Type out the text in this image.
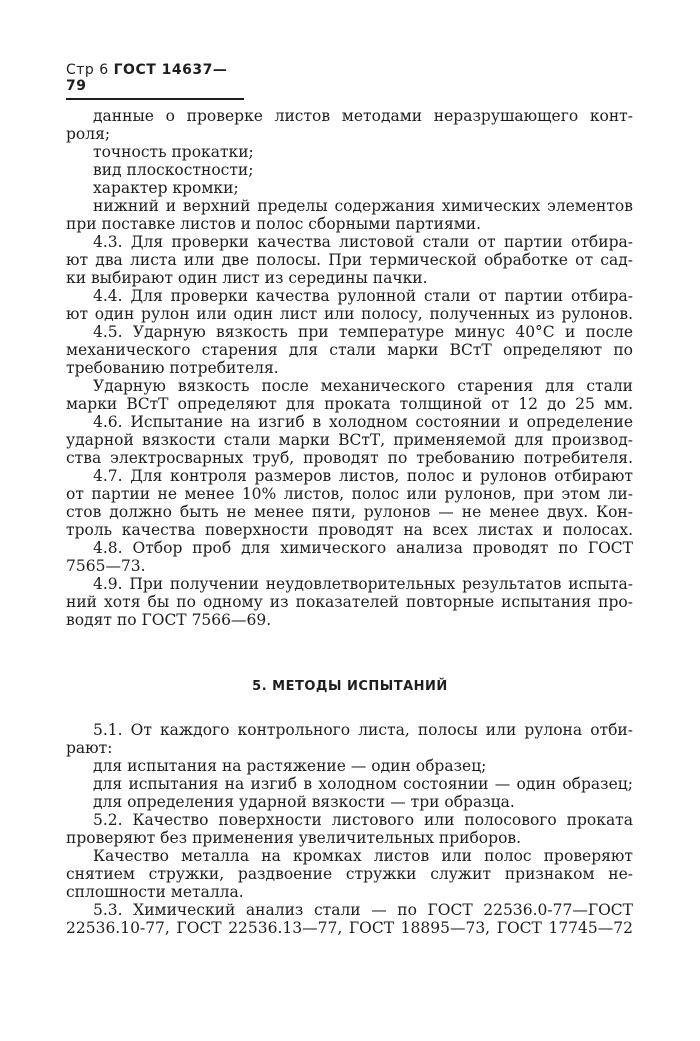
Стр 6 ГОСТ 14637—79
данные о проверке листов методами неразрушающего конт-
роля;
точность прокатки;
вид плоскостности;
характер кромки;
нижний и верхний пределы содержания химических элементов
при поставке листов и полос сборными партиями.
4.3. Для проверки качества листовой стали от партии отбира-
ют два листа или две полосы. При термической обработке от сад-
ки выбирают один лист из середины пачки.
4.4. Для проверки качества рулонной стали от партии отбира-
ют один рулон или один лист или полосу, полученных из рулонов.
4.5. Ударную вязкость при температуре минус 40°С и после
механического старения для стали марки ВСтТ определяют по
требованию потребителя.
Ударную вязкость после механического старения для стали
марки ВСтТ определяют для проката толщиной от 12 до 25 мм.
4.6. Испытание на изгиб в холодном состоянии и определение
ударной вязкости стали марки ВСтТ, применяемой для производ-
ства электросварных труб, проводят по требованию потребителя.
4.7. Для контроля размеров листов, полос и рулонов отбирают
от партии не менее 10% листов, полос или рулонов, при этом ли-
стов должно быть не менее пяти, рулонов — не менее двух. Кон-
троль качества поверхности проводят на всех листах и полосах.
4.8. Отбор проб для химического анализа проводят по ГОСТ
7565—73.
4.9. При получении неудовлетворительных результатов испыта-
ний хотя бы по одному из показателей повторные испытания про-
водят по ГОСТ 7566—69.
5. МЕТОДЫ ИСПЫТАНИЙ
5.1. От каждого контрольного листа, полосы или рулона отби-
рают:
для испытания на растяжение — один образец;
для испытания на изгиб в холодном состоянии — один образец;
для определения ударной вязкости — три образца.
5.2. Качество поверхности листового или полосового проката
проверяют без применения увеличительных приборов.
Качество металла на кромках листов или полос проверяют
снятием стружки, раздвоение стружки служит признаком не-
сплошности металла.
5.3. Химический анализ стали — по ГОСТ 22536.0-77—ГОСТ
22536.10-77, ГОСТ 22536.13—77, ГОСТ 18895—73, ГОСТ 17745—72
